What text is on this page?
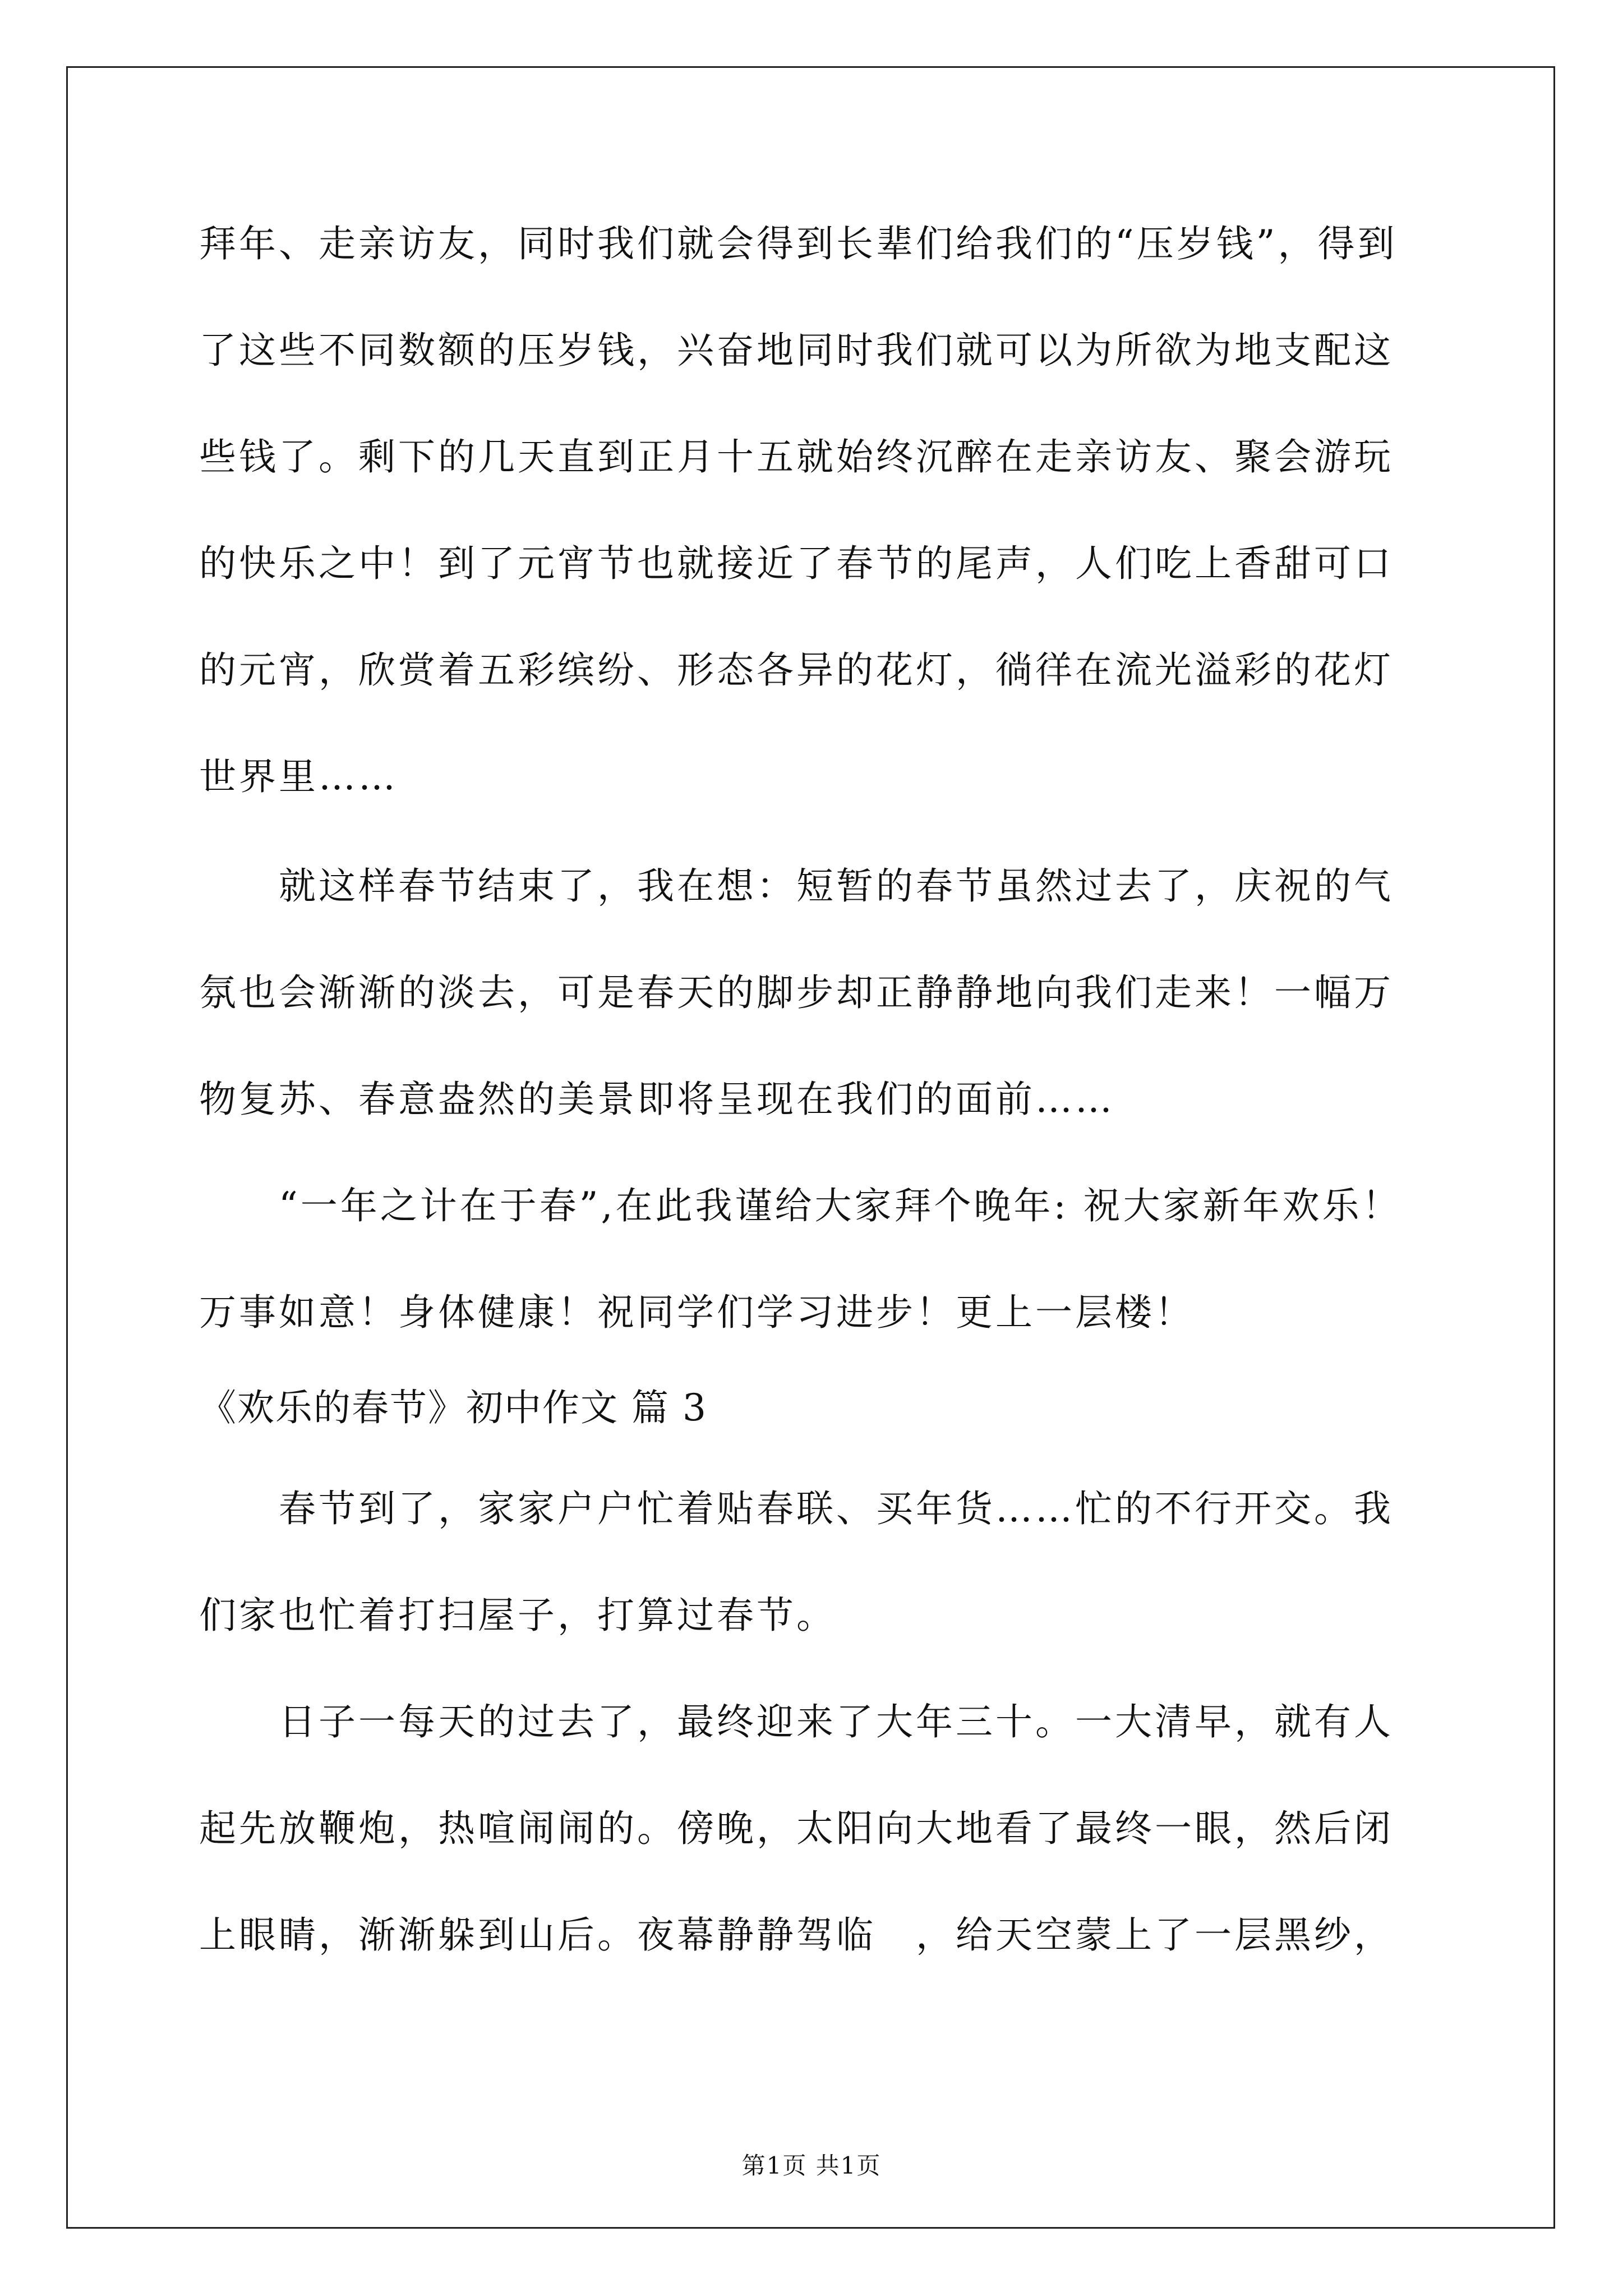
拜年、走亲访友，同时我们就会得到长辈们给我们的“压岁钱”，得到
了这些不同数额的压岁钱，兴奋地同时我们就可以为所欲为地支配这
些钱了。剩下的几天直到正月十五就始终沉醉在走亲访友、聚会游玩
的快乐之中！到了元宵节也就接近了春节的尾声，人们吃上香甜可口
的元宵，欣赏着五彩缤纷、形态各异的花灯，徜徉在流光溢彩的花灯
世界里……
　　就这样春节结束了，我在想：短暂的春节虽然过去了，庆祝的气
氛也会渐渐的淡去，可是春天的脚步却正静静地向我们走来！一幅万
物复苏、春意盎然的美景即将呈现在我们的面前……
　　“一年之计在于春”,在此我谨给大家拜个晚年: 祝大家新年欢乐！
万事如意！身体健康！祝同学们学习进步！更上一层楼！
《欢乐的春节》初中作文 篇 3
　　春节到了，家家户户忙着贴春联、买年货……忙的不行开交。我
们家也忙着打扫屋子，打算过春节。
　　日子一每天的过去了，最终迎来了大年三十。一大清早，就有人
起先放鞭炮，热喧闹闹的。傍晚，太阳向大地看了最终一眼，然后闭
上眼睛，渐渐躲到山后。夜幕静静驾临　，给天空蒙上了一层黑纱，
第1页 共1页
